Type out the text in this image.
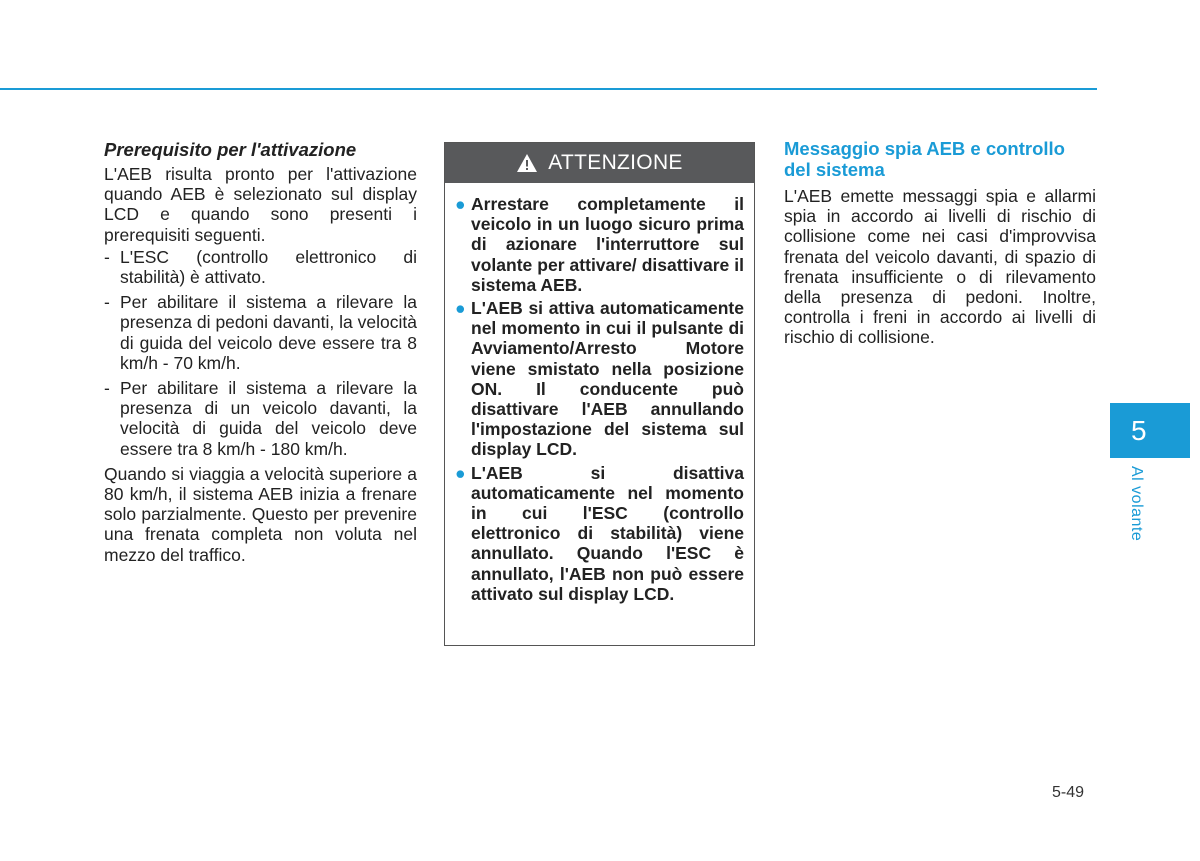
Prerequisito per l'attivazione

L'AEB risulta pronto per l'attivazione quando AEB è selezionato sul display LCD e quando sono presenti i prerequisiti seguenti.

- L'ESC (controllo elettronico di stabilità) è attivato.
- Per abilitare il sistema a rilevare la presenza di pedoni davanti, la velocità di guida del veicolo deve essere tra 8 km/h - 70 km/h.
- Per abilitare il sistema a rilevare la presenza di un veicolo davanti, la velocità di guida del veicolo deve essere tra 8 km/h - 180 km/h.

Quando si viaggia a velocità superiore a 80 km/h, il sistema AEB inizia a frenare solo parzialmente. Questo per prevenire una frenata completa non voluta nel mezzo del traffico.

ATTENZIONE
● Arrestare completamente il veicolo in un luogo sicuro prima di azionare l'interruttore sul volante per attivare/ disattivare il sistema AEB.
● L'AEB si attiva automaticamente nel momento in cui il pulsante di Avviamento/Arresto Motore viene smistato nella posizione ON. Il conducente può disattivare l'AEB annullando l'impostazione del sistema sul display LCD.
● L'AEB si disattiva automaticamente nel momento in cui l'ESC (controllo elettronico di stabilità) viene annullato. Quando l'ESC è annullato, l'AEB non può essere attivato sul display LCD.

Messaggio spia AEB e controllo del sistema

L'AEB emette messaggi spia e allarmi spia in accordo ai livelli di rischio di collisione come nei casi d'improvvisa frenata del veicolo davanti, di spazio di frenata insufficiente o di rilevamento della presenza di pedoni. Inoltre, controlla i freni in accordo ai livelli di rischio di collisione.

5
Al volante
5-49
